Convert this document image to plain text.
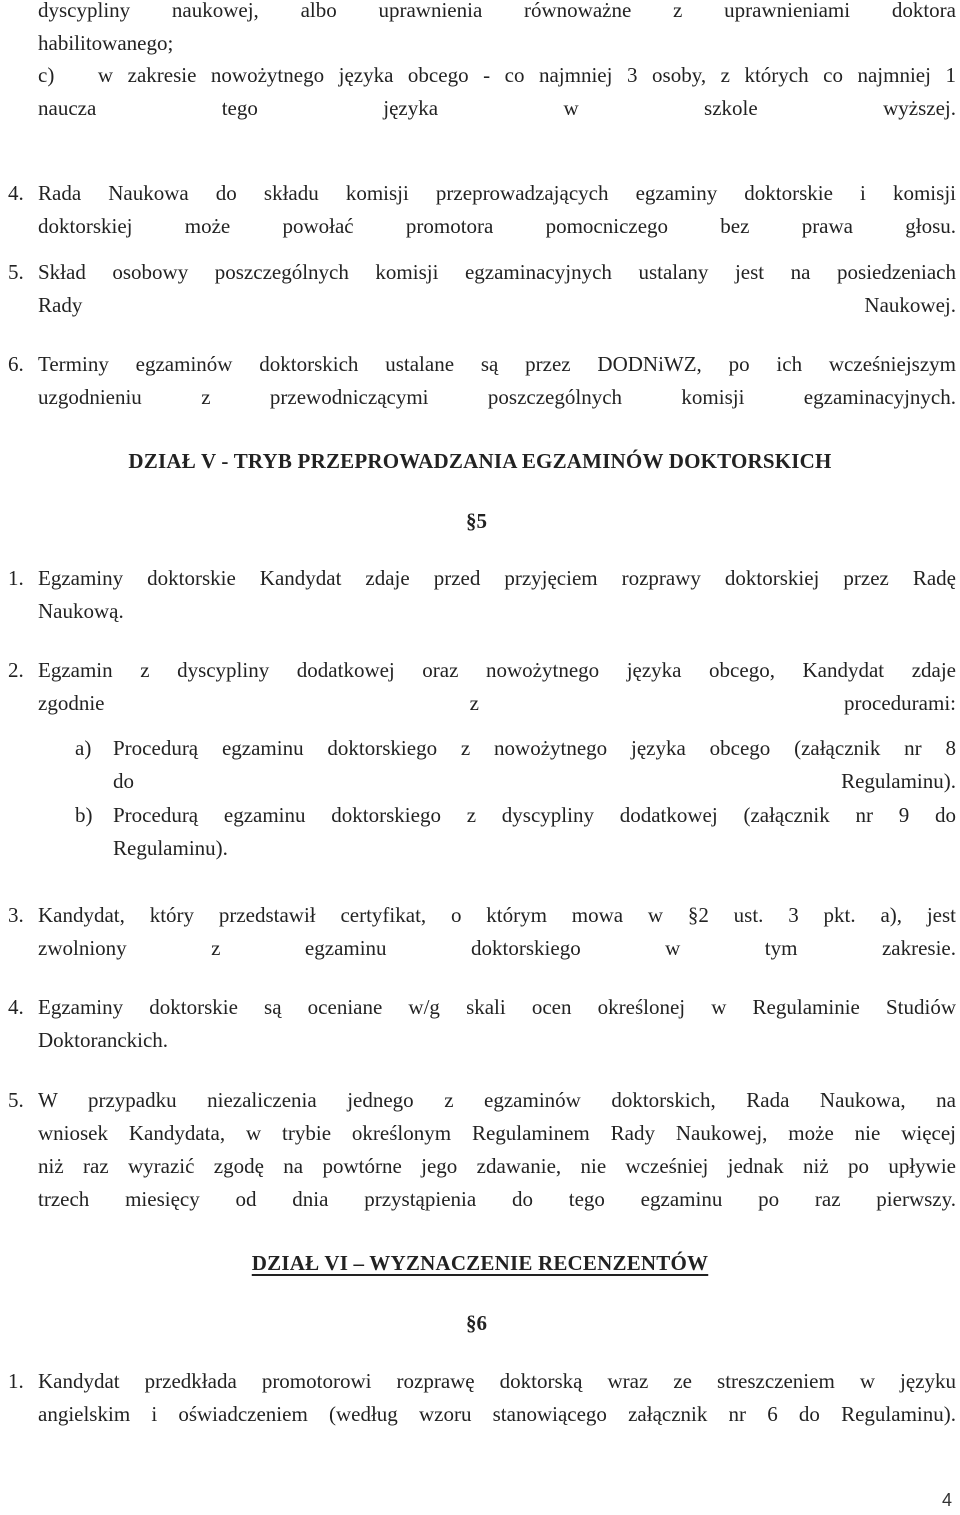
dyscypliny naukowej, albo uprawnienia równoważne z uprawnieniami doktora
habilitowanego;
c) w zakresie nowożytnego języka obcego - co najmniej 3 osoby, z których co najmniej 1
naucza tego języka w szkole wyższej.
4. Rada Naukowa do składu komisji przeprowadzających egzaminy doktorskie i komisji
doktorskiej może powołać promotora pomocniczego bez prawa głosu.
5. Skład osobowy poszczególnych komisji egzaminacyjnych ustalany jest na posiedzeniach
Rady Naukowej.
6. Terminy egzaminów doktorskich ustalane są przez DODNiWZ, po ich wcześniejszym
uzgodnieniu z przewodniczącymi poszczególnych komisji egzaminacyjnych.
DZIAŁ V - TRYB PRZEPROWADZANIA EGZAMINÓW DOKTORSKICH
§5
1. Egzaminy doktorskie Kandydat zdaje przed przyjęciem rozprawy doktorskiej przez Radę
Naukową.
2. Egzamin z dyscypliny dodatkowej oraz nowożytnego języka obcego, Kandydat zdaje
zgodnie z procedurami:
a) Procedurą egzaminu doktorskiego z nowożytnego języka obcego (załącznik nr 8
do Regulaminu).
b) Procedurą egzaminu doktorskiego z dyscypliny dodatkowej (załącznik nr 9 do
Regulaminu).
3. Kandydat, który przedstawił certyfikat, o którym mowa w §2 ust. 3 pkt. a), jest
zwolniony z egzaminu doktorskiego w tym zakresie.
4. Egzaminy doktorskie są oceniane w/g skali ocen określonej w Regulaminie Studiów
Doktoranckich.
5. W przypadku niezaliczenia jednego z egzaminów doktorskich, Rada Naukowa, na
wniosek Kandydata, w trybie określonym Regulaminem Rady Naukowej, może nie więcej
niż raz wyrazić zgodę na powtórne jego zdawanie, nie wcześniej jednak niż po upływie
trzech miesięcy od dnia przystąpienia do tego egzaminu po raz pierwszy.
DZIAŁ VI – WYZNACZENIE RECENZENTÓW
§6
1. Kandydat przedkłada promotorowi rozprawę doktorską wraz ze streszczeniem w języku
angielskim i oświadczeniem (według wzoru stanowiącego załącznik nr 6 do Regulaminu).
4
